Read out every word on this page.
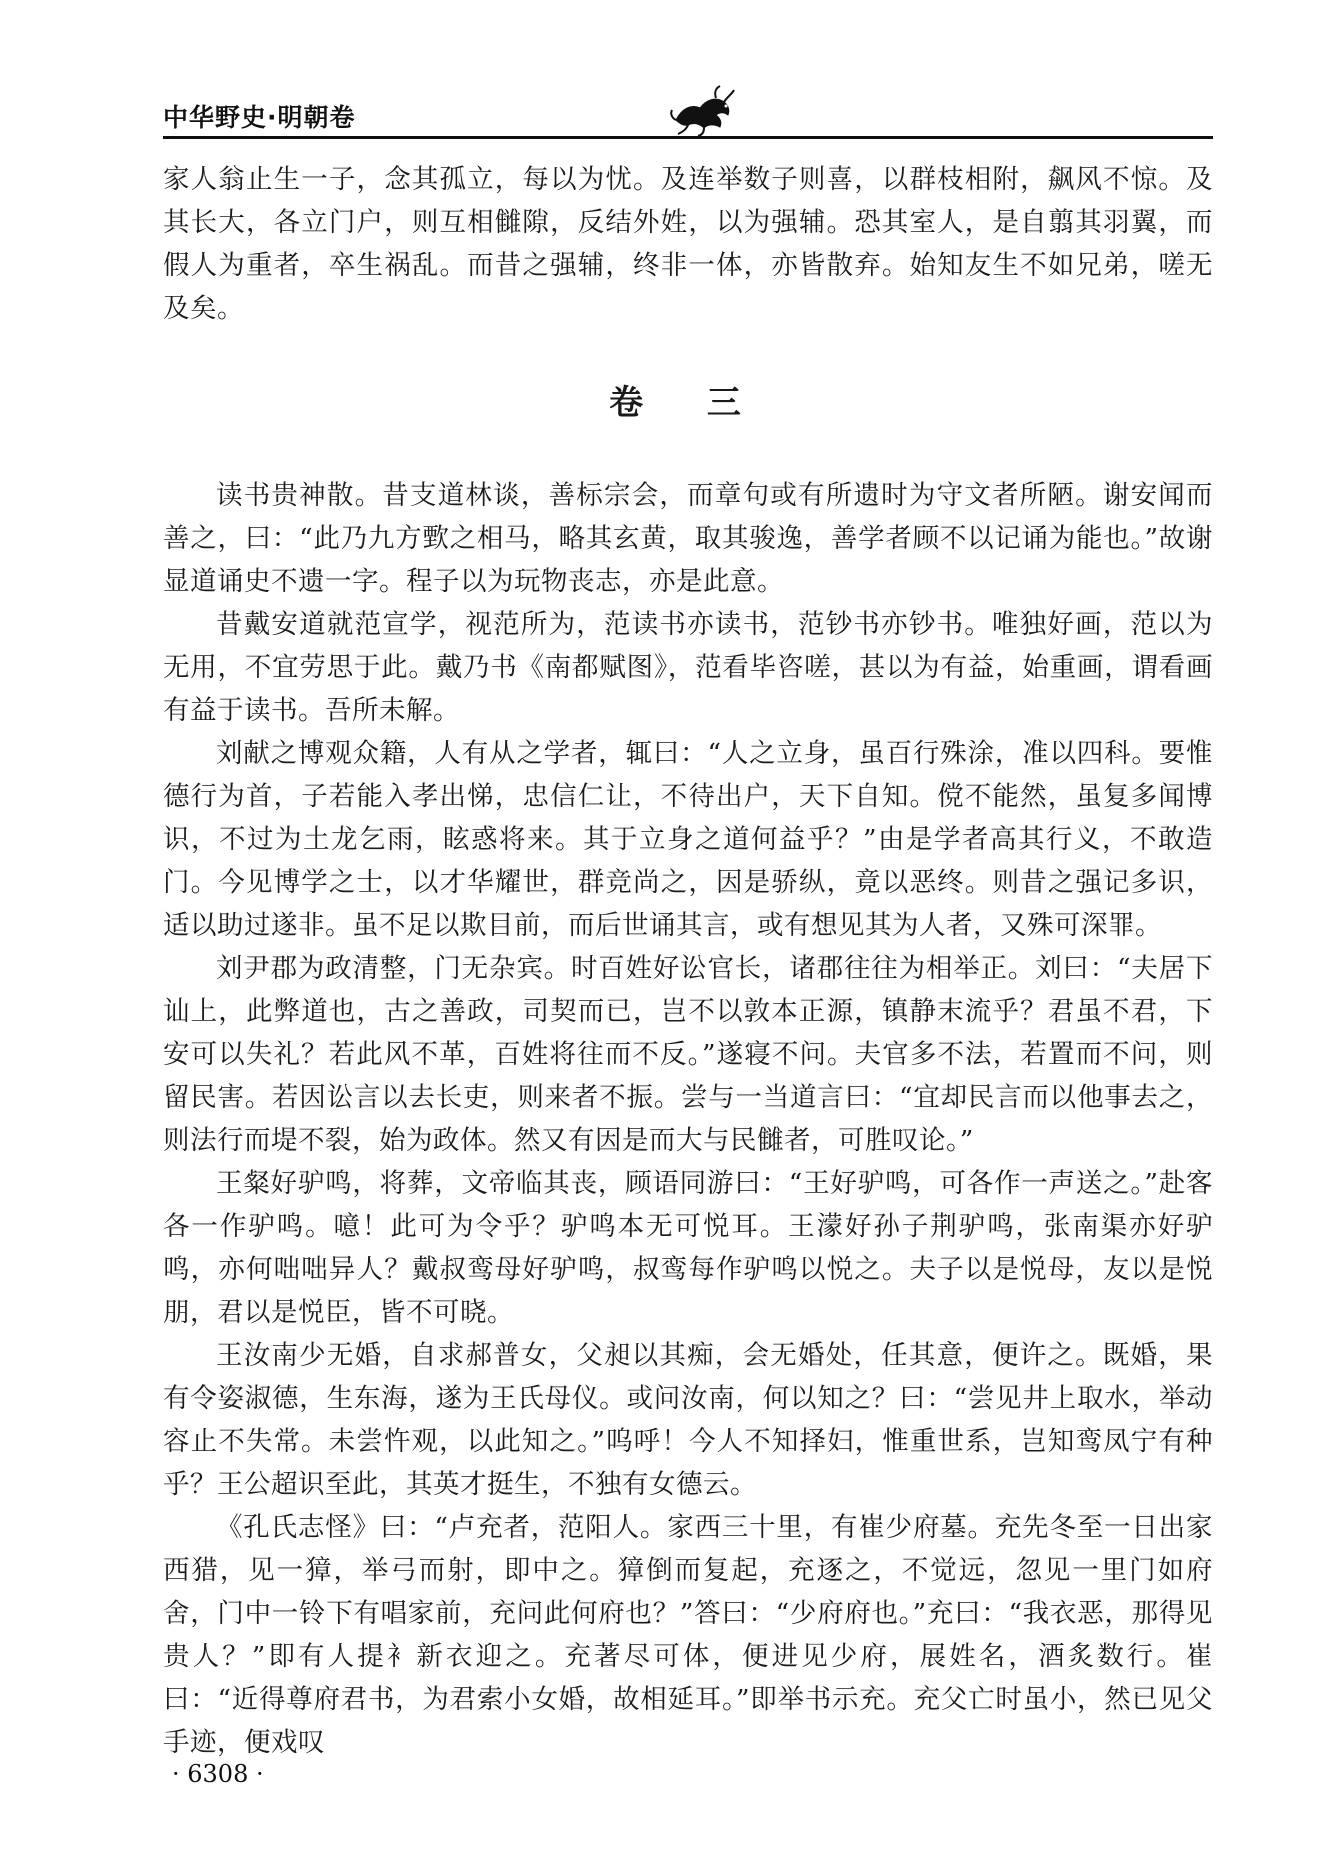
中华野史·明朝卷

家人翁止生一子，念其孤立，每以为忧。及连举数子则喜，以群枝相附，飙风不惊。及其长大，各立门户，则互相雠隙，反结外姓，以为强辅。恐其室人，是自翦其羽翼，而假人为重者，卒生祸乱。而昔之强辅，终非一体，亦皆散弃。始知友生不如兄弟，嗟无及矣。

卷 三

读书贵神散。昔支道林谈，善标宗会，而章句或有所遗时为守文者所陋。谢安闻而善之，曰：“此乃九方歅之相马，略其玄黄，取其骏逸，善学者顾不以记诵为能也。”故谢显道诵史不遗一字。程子以为玩物丧志，亦是此意。

昔戴安道就范宣学，视范所为，范读书亦读书，范钞书亦钞书。唯独好画，范以为无用，不宜劳思于此。戴乃书《南都赋图》，范看毕咨嗟，甚以为有益，始重画，谓看画有益于读书。吾所未解。

刘献之博观众籍，人有从之学者，辄曰：“人之立身，虽百行殊涂，准以四科。要惟德行为首，子若能入孝出悌，忠信仁让，不待出户，天下自知。傥不能然，虽复多闻博识，不过为土龙乞雨，眩惑将来。其于立身之道何益乎？”由是学者高其行义，不敢造门。今见博学之士，以才华耀世，群竞尚之，因是骄纵，竟以恶终。则昔之强记多识，适以助过遂非。虽不足以欺目前，而后世诵其言，或有想见其为人者，又殊可深罪。

刘尹郡为政清整，门无杂宾。时百姓好讼官长，诸郡往往为相举正。刘曰：“夫居下讪上，此弊道也，古之善政，司契而已，岂不以敦本正源，镇静末流乎？君虽不君，下安可以失礼？若此风不革，百姓将往而不反。”遂寝不问。夫官多不法，若置而不问，则留民害。若因讼言以去长吏，则来者不振。尝与一当道言曰：“宜却民言而以他事去之，则法行而堤不裂，始为政体。然又有因是而大与民雠者，可胜叹论。”

王粲好驴鸣，将葬，文帝临其丧，顾语同游曰：“王好驴鸣，可各作一声送之。”赴客各一作驴鸣。噫！此可为令乎？驴鸣本无可悦耳。王濛好孙子荆驴鸣，张南渠亦好驴鸣，亦何咄咄异人？戴叔鸾母好驴鸣，叔鸾每作驴鸣以悦之。夫子以是悦母，友以是悦朋，君以是悦臣，皆不可晓。

王汝南少无婚，自求郝普女，父昶以其痴，会无婚处，任其意，便许之。既婚，果有令姿淑德，生东海，遂为王氏母仪。或问汝南，何以知之？曰：“尝见井上取水，举动容止不失常。未尝忤观，以此知之。”呜呼！今人不知择妇，惟重世系，岂知鸾凤宁有种乎？王公超识至此，其英才挺生，不独有女德云。

《孔氏志怪》曰：“卢充者，范阳人。家西三十里，有崔少府墓。充先冬至一日出家西猎，见一獐，举弓而射，即中之。獐倒而复起，充逐之，不觉远，忽见一里门如府舍，门中一铃下有唱家前，充问此何府也？”答曰：“少府府也。”充曰：“我衣恶，那得见贵人？”即有人提衤新衣迎之。充著尽可体，便进见少府，展姓名，酒炙数行。崔曰：“近得尊府君书，为君索小女婚，故相延耳。”即举书示充。充父亡时虽小，然已见父手迹，便戏叹

· 6308 ·
